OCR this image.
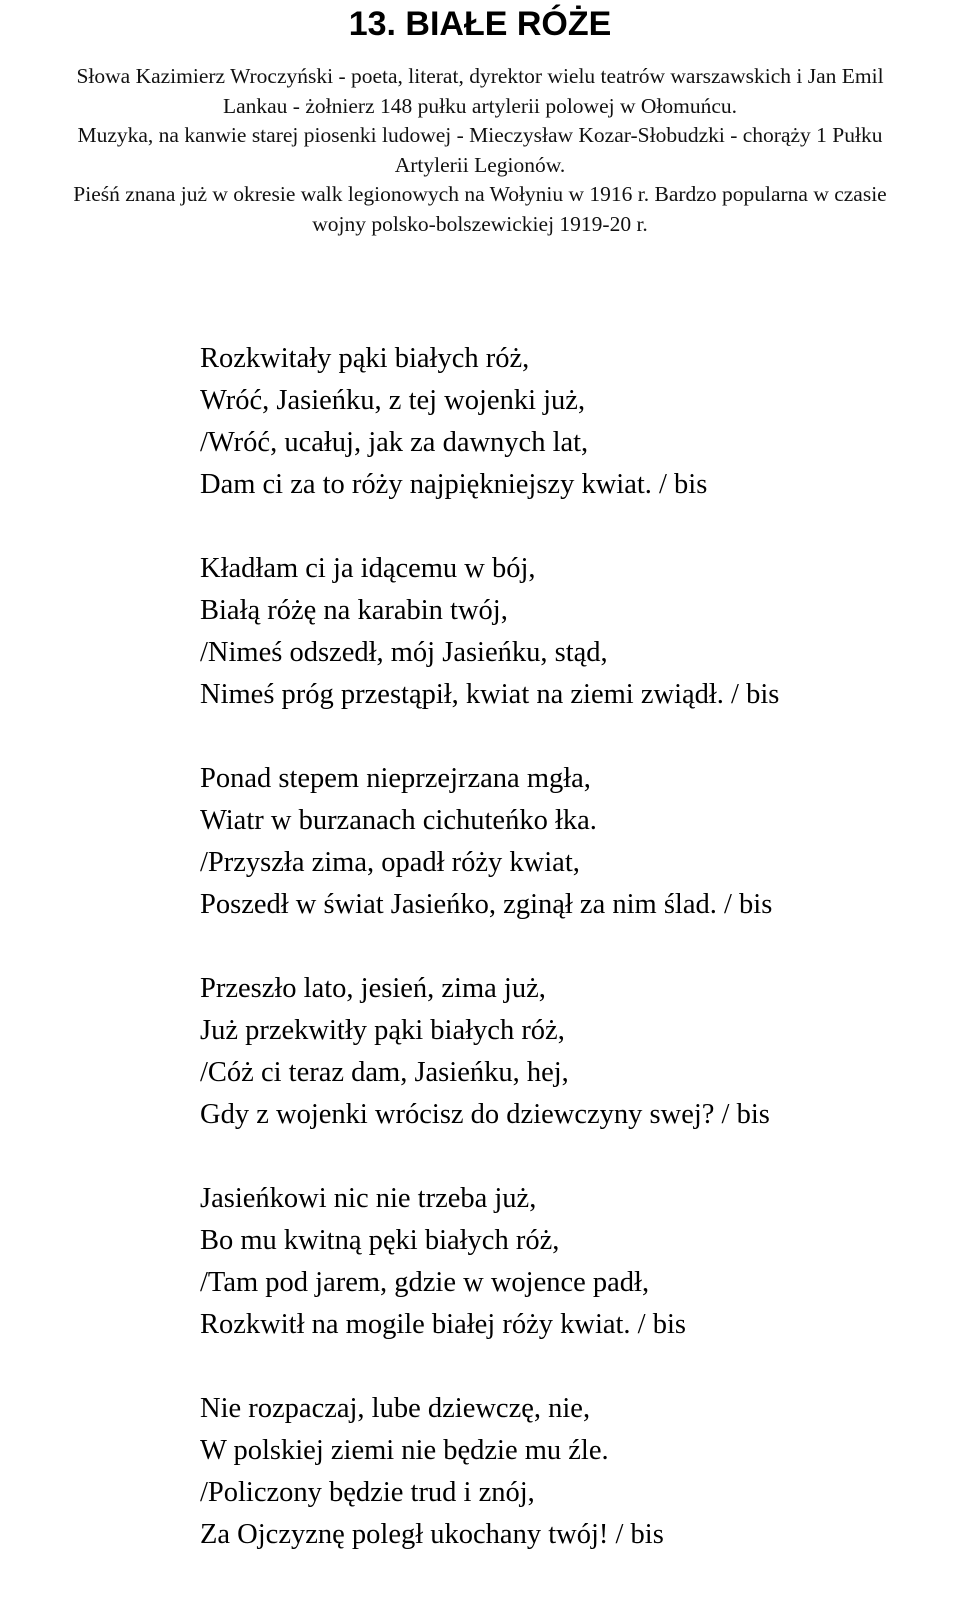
13. BIAŁE RÓŻE
Słowa Kazimierz Wroczyński - poeta, literat, dyrektor wielu teatrów warszawskich i Jan Emil
Lankau - żołnierz 148 pułku artylerii polowej w Ołomuńcu.
Muzyka, na kanwie starej piosenki ludowej - Mieczysław Kozar-Słobudzki - chorąży 1 Pułku
Artylerii Legionów.
Pieśń znana już w okresie walk legionowych na Wołyniu w 1916 r. Bardzo popularna w czasie
wojny polsko-bolszewickiej 1919-20 r.
Rozkwitały pąki białych róż,
Wróć, Jasieńku, z tej wojenki już,
/Wróć, ucałuj, jak za dawnych lat,
Dam ci za to róży najpiękniejszy kwiat. / bis
Kładłam ci ja idącemu w bój,
Białą różę na karabin twój,
/Nimeś odszedł, mój Jasieńku, stąd,
Nimeś próg przestąpił, kwiat na ziemi zwiądł. / bis
Ponad stepem nieprzejrzana mgła,
Wiatr w burzanach cichuteńko łka.
/Przyszła zima, opadł róży kwiat,
Poszedł w świat Jasieńko, zginął za nim ślad. / bis
Przeszło lato, jesień, zima już,
Już przekwitły pąki białych róż,
/Cóż ci teraz dam, Jasieńku, hej,
Gdy z wojenki wrócisz do dziewczyny swej? / bis
Jasieńkowi nic nie trzeba już,
Bo mu kwitną pęki białych róż,
/Tam pod jarem, gdzie w wojence padł,
Rozkwitł na mogile białej róży kwiat. / bis
Nie rozpaczaj, lube dziewczę, nie,
W polskiej ziemi nie będzie mu źle.
/Policzony będzie trud i znój,
Za Ojczyznę poległ ukochany twój! / bis
